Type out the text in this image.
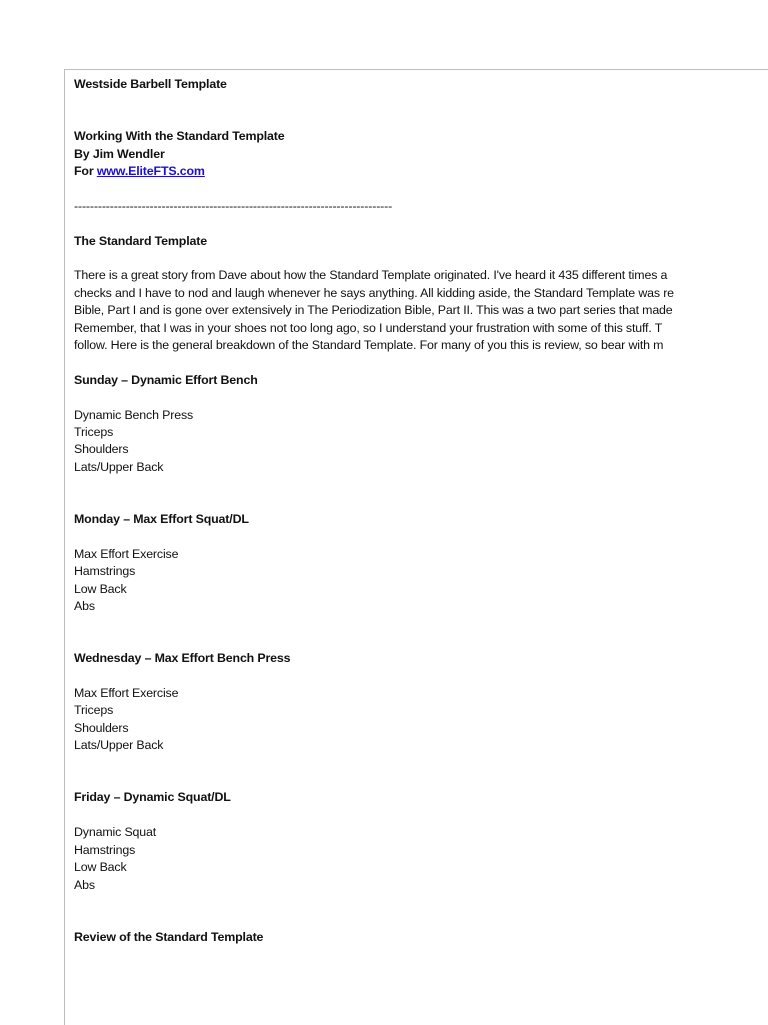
Westside Barbell Template
Working With the Standard Template
By Jim Wendler
For www.EliteFTS.com
--------------------------------------------------------------------------------
The Standard Template
There is a great story from Dave about how the Standard Template originated. I've heard it 435 different times a
checks and I have to nod and laugh whenever he says anything. All kidding aside, the Standard Template was re
Bible, Part I and is gone over extensively in The Periodization Bible, Part II. This was a two part series that made
Remember, that I was in your shoes not too long ago, so I understand your frustration with some of this stuff. T
follow. Here is the general breakdown of the Standard Template. For many of you this is review, so bear with m
Sunday – Dynamic Effort Bench
Dynamic Bench Press
Triceps
Shoulders
Lats/Upper Back
Monday – Max Effort Squat/DL
Max Effort Exercise
Hamstrings
Low Back
Abs
Wednesday – Max Effort Bench Press
Max Effort Exercise
Triceps
Shoulders
Lats/Upper Back
Friday – Dynamic Squat/DL
Dynamic Squat
Hamstrings
Low Back
Abs
Review of the Standard Template
